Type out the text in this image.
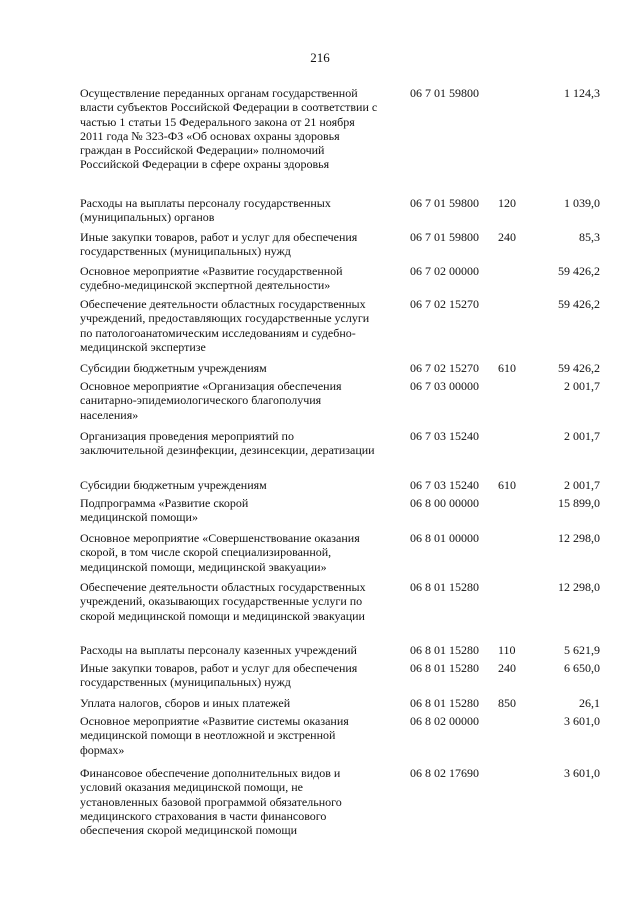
216
Осуществление переданных органам государственной власти субъектов Российской Федерации в соответствии с частью 1 статьи 15 Федерального закона от 21 ноября 2011 года № 323-ФЗ «Об основах охраны здоровья граждан в Российской Федерации» полномочий Российской Федерации в сфере охраны здоровья
06 7 01 59800	1 124,3
Расходы на выплаты персоналу государственных (муниципальных) органов
06 7 01 59800 120	1 039,0
Иные закупки товаров, работ и услуг для обеспечения государственных (муниципальных) нужд
06 7 01 59800 240	85,3
Основное мероприятие «Развитие государственной судебно-медицинской экспертной деятельности»
06 7 02 00000	59 426,2
Обеспечение деятельности областных государственных учреждений, предоставляющих государственные услуги по патологоанатомическим исследованиям и судебно-медицинской экспертизе
06 7 02 15270	59 426,2
Субсидии бюджетным учреждениям	06 7 02 15270 610	59 426,2
Основное мероприятие «Организация обеспечения санитарно-эпидемиологического благополучия населения»
06 7 03 00000	2 001,7
Организация проведения мероприятий по заключительной дезинфекции, дезинсекции, дератизации
06 7 03 15240	2 001,7
Субсидии бюджетным учреждениям	06 7 03 15240 610	2 001,7
Подпрограмма «Развитие скорой медицинской помощи»
06 8 00 00000	15 899,0
Основное мероприятие «Совершенствование оказания скорой, в том числе скорой специализированной, медицинской помощи, медицинской эвакуации»
06 8 01 00000	12 298,0
Обеспечение деятельности областных государственных учреждений, оказывающих государственные услуги по скорой медицинской помощи и медицинской эвакуации
06 8 01 15280	12 298,0
Расходы на выплаты персоналу казенных учреждений	06 8 01 15280 110	5 621,9
Иные закупки товаров, работ и услуг для обеспечения государственных (муниципальных) нужд
06 8 01 15280 240	6 650,0
Уплата налогов, сборов и иных платежей	06 8 01 15280 850	26,1
Основное мероприятие «Развитие системы оказания медицинской помощи в неотложной и экстренной формах»
06 8 02 00000	3 601,0
Финансовое обеспечение дополнительных видов и условий оказания медицинской помощи, не установленных базовой программой обязательного медицинского страхования в части финансового обеспечения скорой медицинской помощи
06 8 02 17690	3 601,0
